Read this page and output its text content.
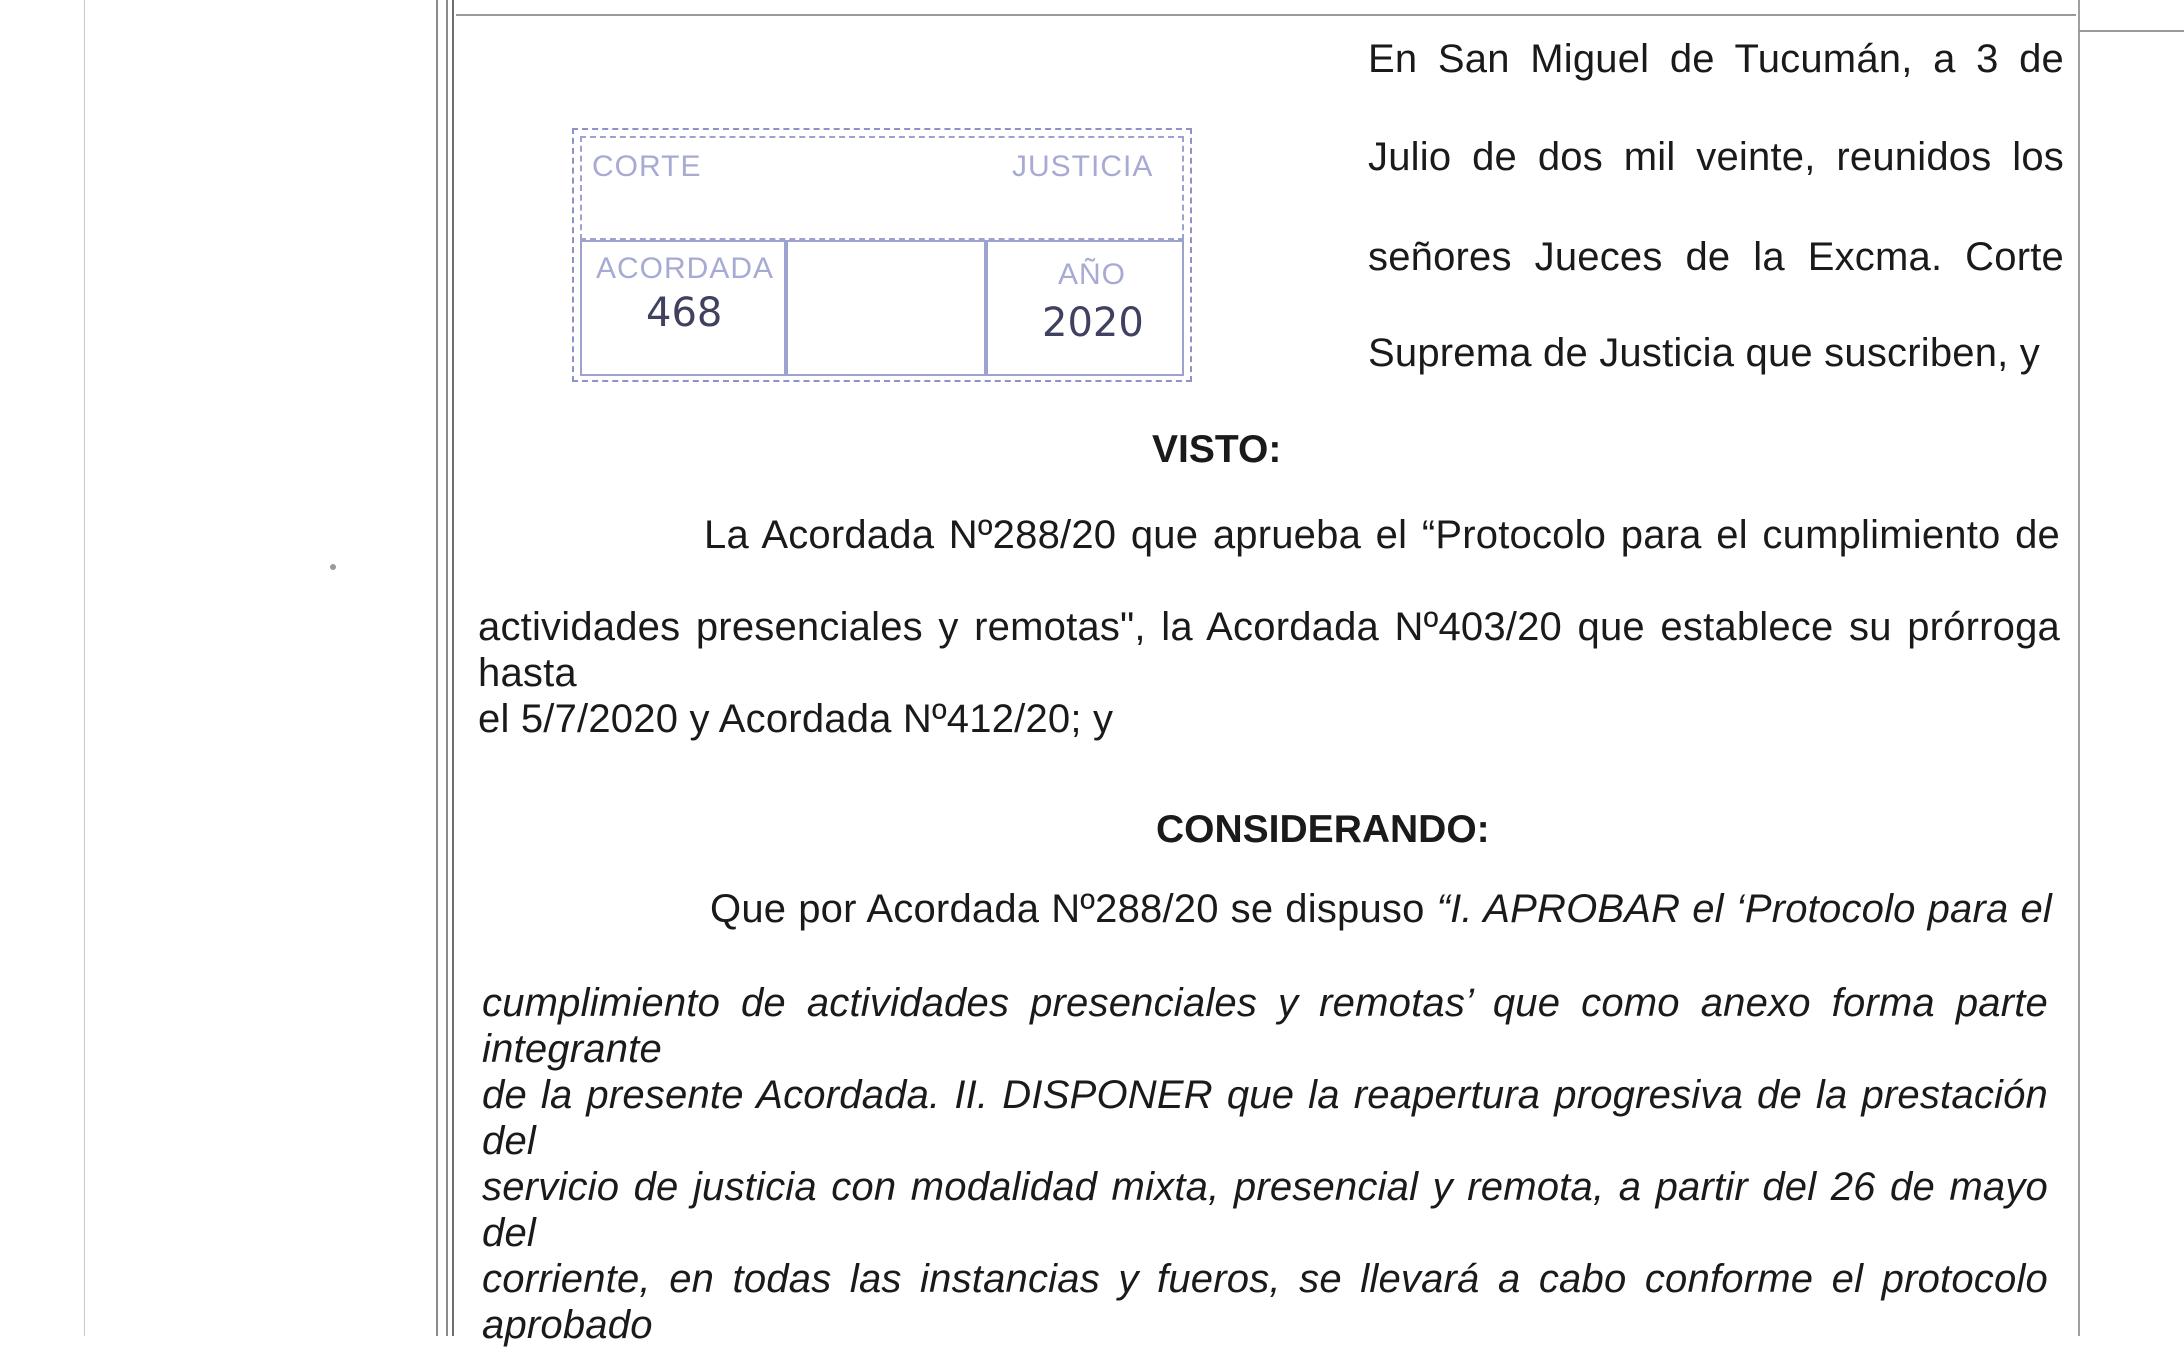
CORTE	JUSTICIA
ACORDADA
468
AÑO
2020
En San Miguel de Tucumán, a 3 de
Julio de dos mil veinte, reunidos los
señores Jueces de la Excma. Corte
Suprema de Justicia que suscriben, y
VISTO:
La Acordada Nº288/20 que aprueba el “Protocolo para el cumplimiento de
actividades presenciales y remotas", la Acordada Nº403/20 que establece su prórroga hasta
el 5/7/2020 y Acordada Nº412/20; y
CONSIDERANDO:
Que por Acordada Nº288/20 se dispuso “I. APROBAR el ‘Protocolo para el
cumplimiento de actividades presenciales y remotas’ que como anexo forma parte integrante
de la presente Acordada. II. DISPONER que la reapertura progresiva de la prestación del
servicio de justicia con modalidad mixta, presencial y remota, a partir del 26 de mayo del
corriente, en todas las instancias y fueros, se llevará a cabo conforme el protocolo aprobado
